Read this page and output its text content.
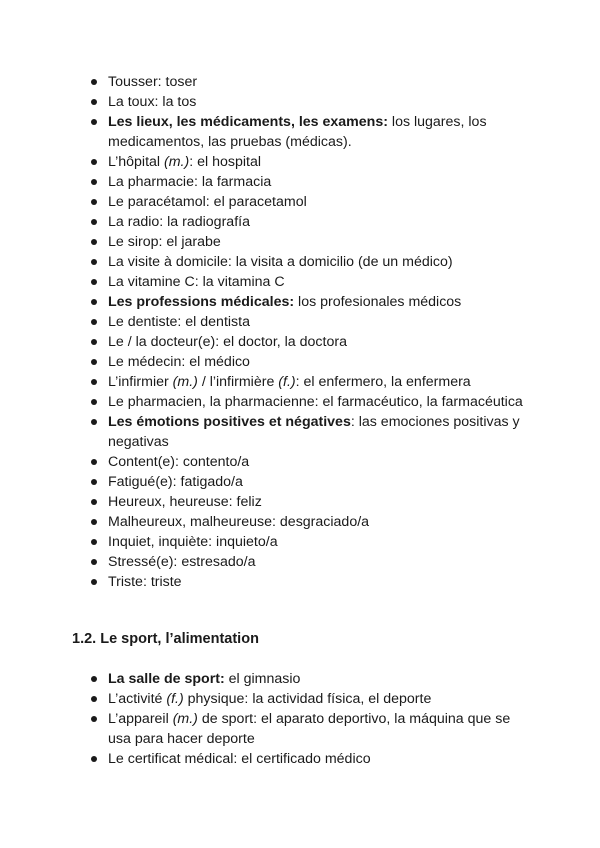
Tousser: toser
La toux: la tos
Les lieux, les médicaments, les examens: los lugares, los medicamentos, las pruebas (médicas).
L’hôpital (m.): el hospital
La pharmacie: la farmacia
Le paracétamol: el paracetamol
La radio: la radiografía
Le sirop: el jarabe
La visite à domicile: la visita a domicilio (de un médico)
La vitamine C: la vitamina C
Les professions médicales: los profesionales médicos
Le dentiste: el dentista
Le / la docteur(e): el doctor, la doctora
Le médecin: el médico
L’infirmier (m.) / l’infirmière (f.): el enfermero, la enfermera
Le pharmacien, la pharmacienne: el farmacéutico, la farmacéutica
Les émotions positives et négatives: las emociones positivas y negativas
Content(e): contento/a
Fatigué(e): fatigado/a
Heureux, heureuse: feliz
Malheureux, malheureuse: desgraciado/a
Inquiet, inquiète: inquieto/a
Stressé(e): estresado/a
Triste: triste
1.2. Le sport, l’alimentation
La salle de sport: el gimnasio
L’activité (f.) physique: la actividad física, el deporte
L’appareil (m.) de sport: el aparato deportivo, la máquina que se usa para hacer deporte
Le certificat médical: el certificado médico
